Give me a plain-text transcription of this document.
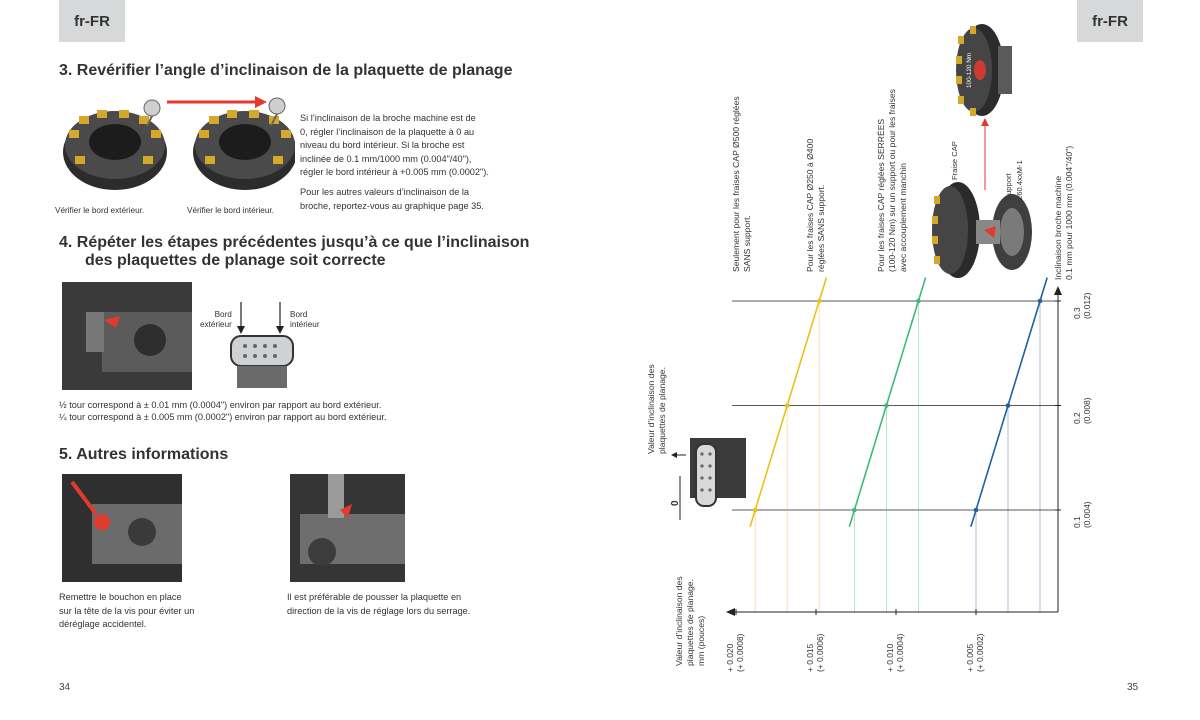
fr-FR
3. Revérifier l’angle d’inclinaison de la plaquette de planage
Vérifier le bord extérieur.	Vérifier le bord intérieur.
Si l’inclinaison de la broche machine est de
0, régler l’inclinaison de la plaquette à 0 au
niveau du bord intérieur. Si la broche est
inclinée de 0.1 mm/1000 mm (0.004"/40"),
régler le bord intérieur à +0.005 mm (0.0002").
Pour les autres valeurs d’inclinaison de la
broche, reportez-vous au graphique page 35.
4. Répéter les étapes précédentes jusqu’à ce que l’inclinaison
des plaquettes de planage soit correcte
Bord
extérieur
Bord
intérieur
½ tour correspond à ± 0.01 mm (0.0004") environ par rapport au bord extérieur.
¼ tour correspond à ± 0.005 mm (0.0002") environ par rapport au bord extérieur.
5. Autres informations
Remettre le bouchon en place
sur la tête de la vis pour éviter un
déréglage accidentel.
Il est préférable de pousser la plaquette en
direction de la vis de réglage lors du serrage.
34
fr-FR
Seulement pour les fraises CAP Ø500 réglées SANS support.	Pour les fraises CAP Ø250 à Ø400 réglées SANS support.	Pour les fraises CAP réglées SERRÉES (100-120 Nm) sur un support ou pour les fraises avec accouplement manchin
Fraise CAP
Support 260.4xxM-1
100-120 Nm
Inclinaison broche machine 0.1 mm pour 1000 mm (0.004"/40")
Valeur d’inclinaison des plaquettes de planage.
0
Valeur d’inclinaison des plaquettes de planage. mm (pouces)
0.1 (0.004)
0.2 (0.008)
0.3 (0.012)
+ 0.005 (+ 0.0002)
+ 0.010 (+ 0.0004)
+ 0.015 (+ 0.0006)
+ 0.020 (+ 0.0008)
35
